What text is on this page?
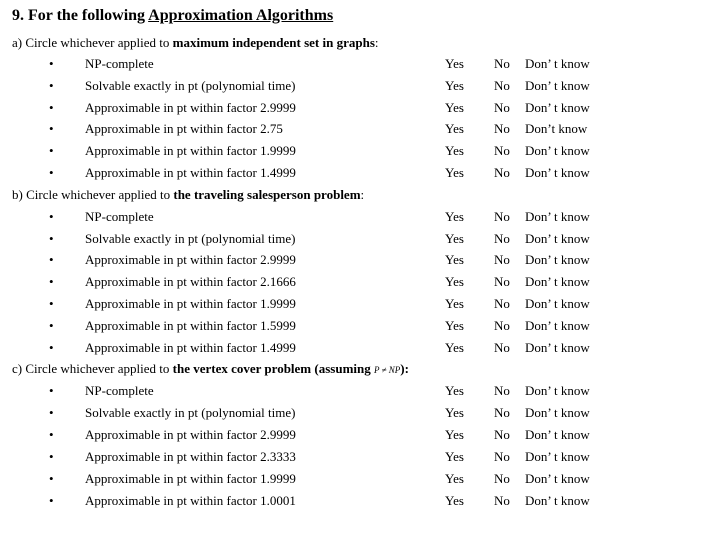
9. For the following Approximation Algorithms
a) Circle whichever applied to maximum independent set in graphs:
• NP-complete	Yes No Don’ t know
• Solvable exactly in pt (polynomial time)	Yes No Don’ t know
• Approximable in pt within factor 2.9999	Yes No Don’ t know
• Approximable in pt within factor 2.75	Yes No Don’t know
• Approximable in pt within factor 1.9999	Yes No Don’ t know
• Approximable in pt within factor 1.4999	Yes No Don’ t know
b) Circle whichever applied to the traveling salesperson problem:
• NP-complete	Yes No Don’ t know
• Solvable exactly in pt (polynomial time)	Yes No Don’ t know
• Approximable in pt within factor 2.9999	Yes No Don’ t know
• Approximable in pt within factor 2.1666	Yes No Don’ t know
• Approximable in pt within factor 1.9999	Yes No Don’ t know
• Approximable in pt within factor 1.5999	Yes No Don’ t know
• Approximable in pt within factor 1.4999	Yes No Don’ t know
c) Circle whichever applied to the vertex cover problem (assuming P ≠ NP):
• NP-complete	Yes No Don’ t know
• Solvable exactly in pt (polynomial time)	Yes No Don’ t know
• Approximable in pt within factor 2.9999	Yes No Don’ t know
• Approximable in pt within factor 2.3333	Yes No Don’ t know
• Approximable in pt within factor 1.9999	Yes No Don’ t know
• Approximable in pt within factor 1.0001	Yes No Don’ t know
